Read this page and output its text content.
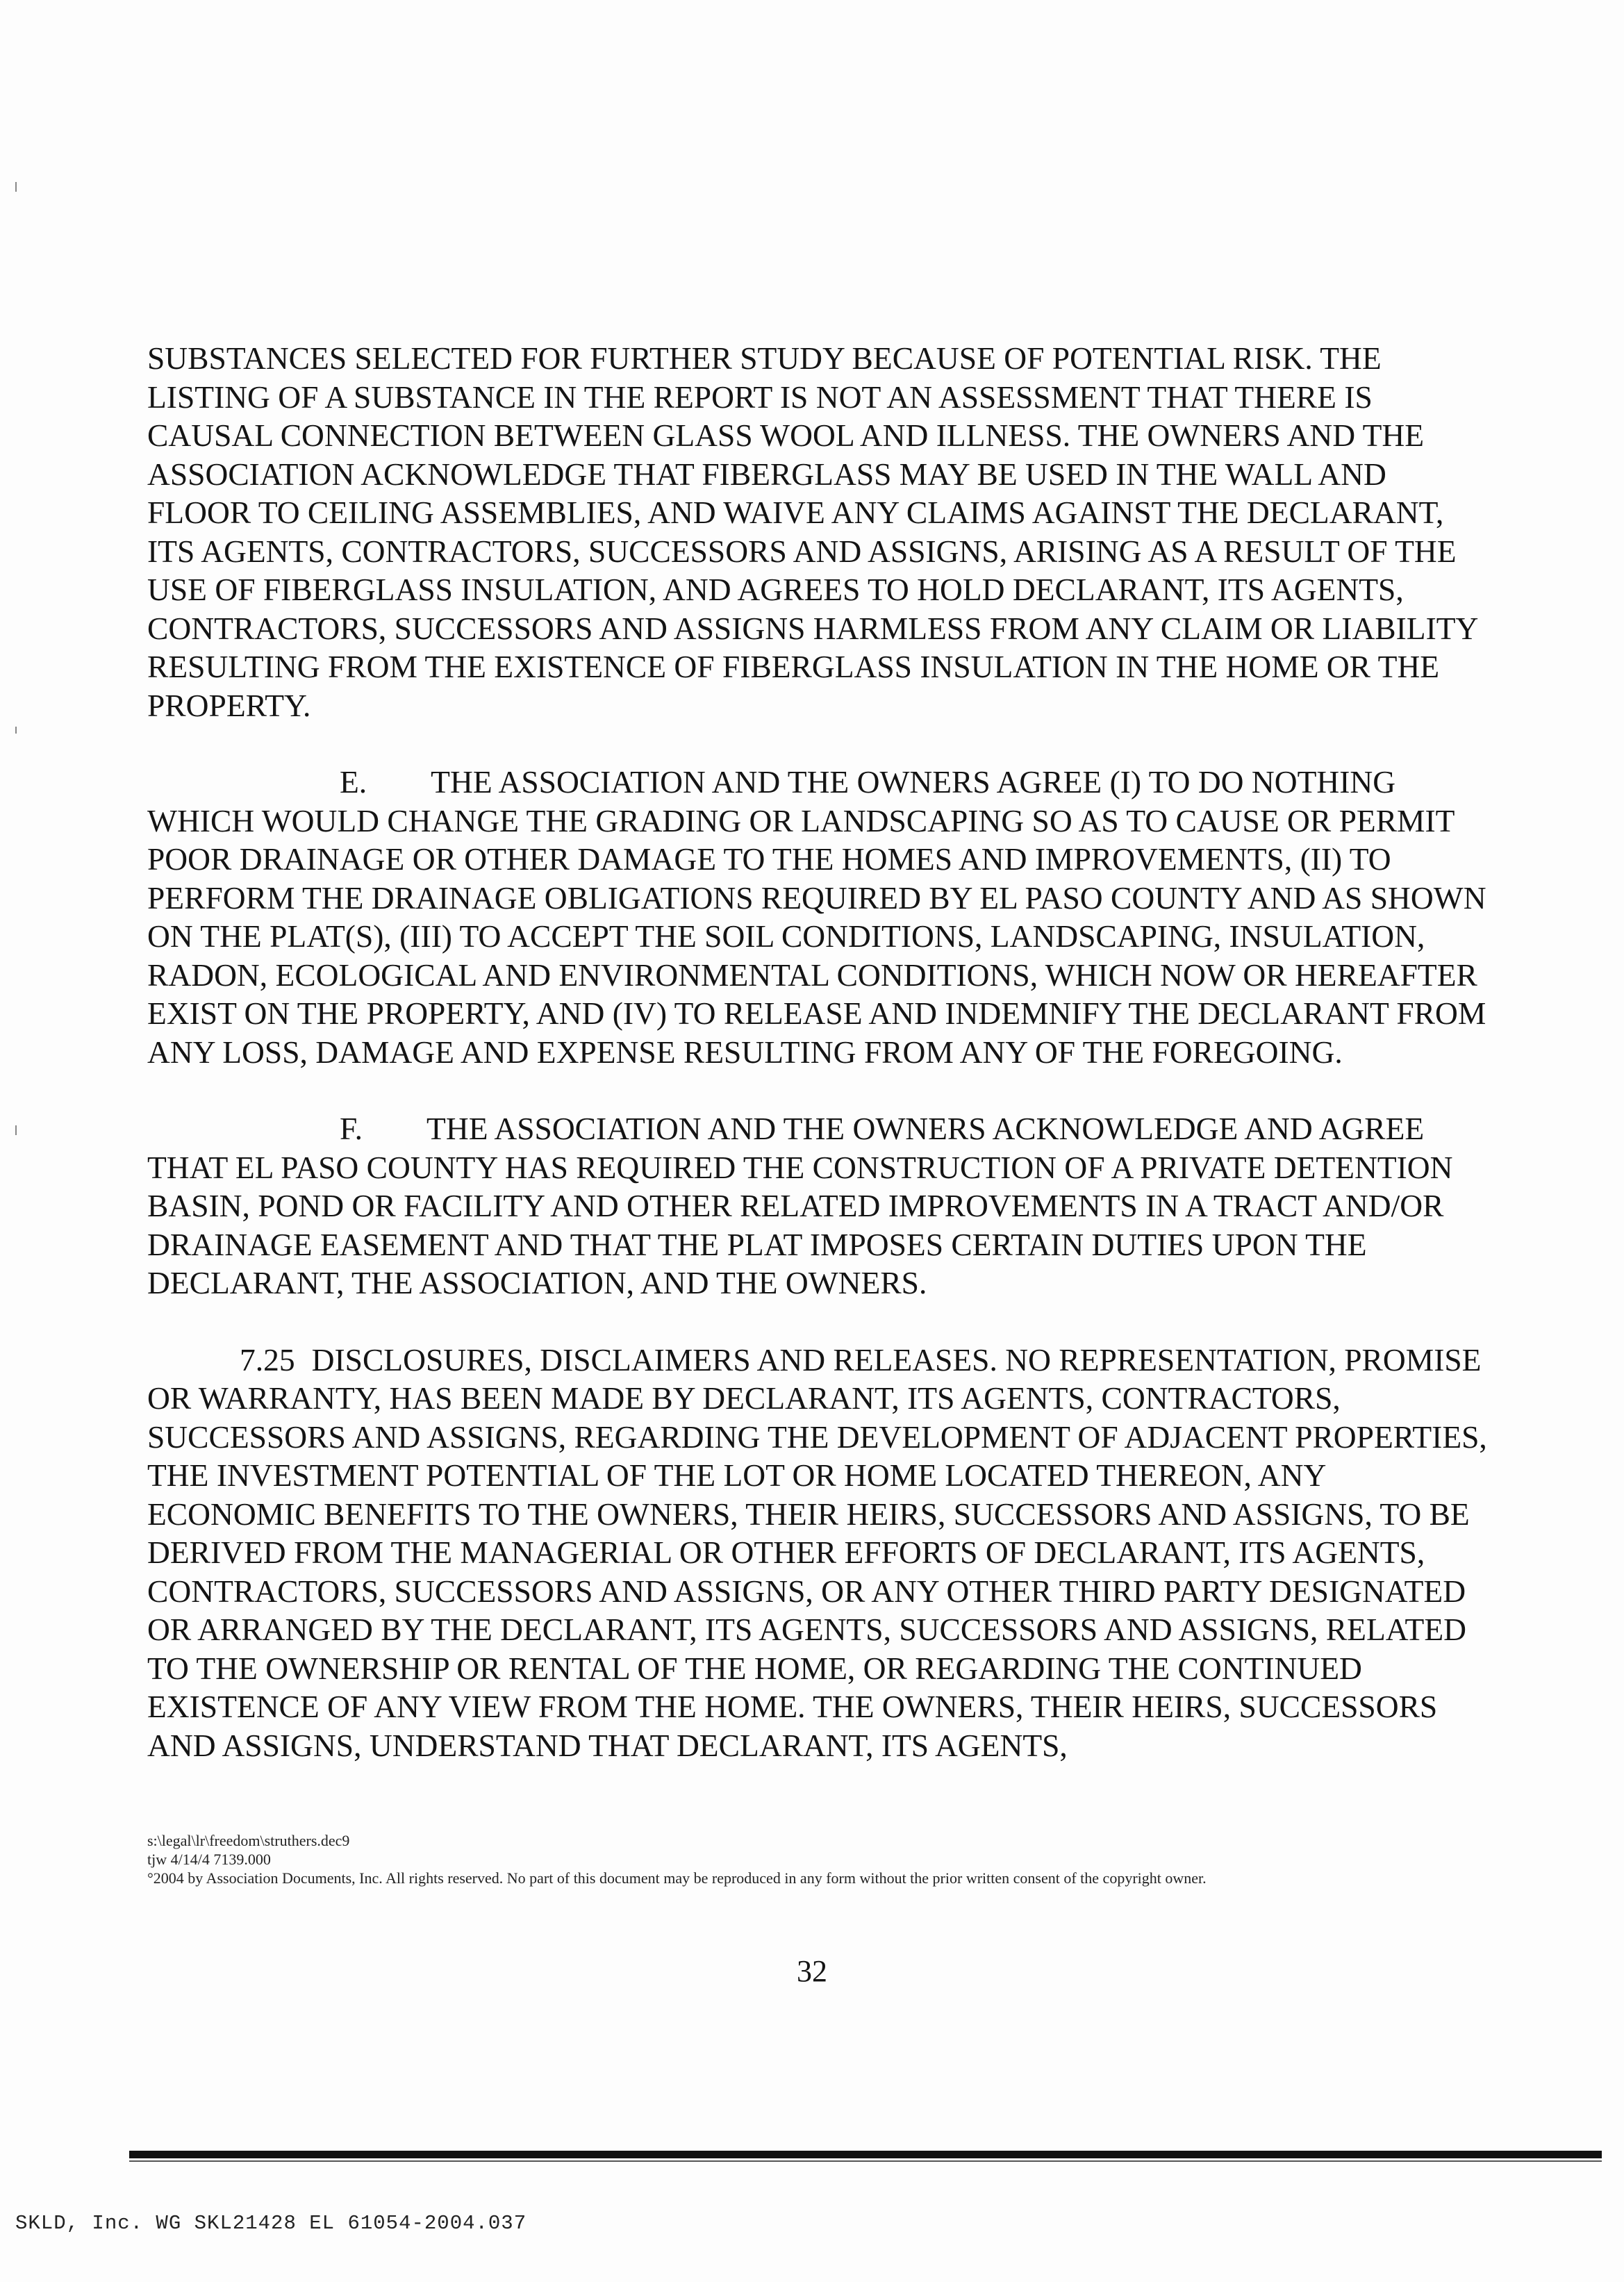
SUBSTANCES SELECTED FOR FURTHER STUDY BECAUSE OF POTENTIAL RISK. THE LISTING OF A SUBSTANCE IN THE REPORT IS NOT AN ASSESSMENT THAT THERE IS CAUSAL CONNECTION BETWEEN GLASS WOOL AND ILLNESS. THE OWNERS AND THE ASSOCIATION ACKNOWLEDGE THAT FIBERGLASS MAY BE USED IN THE WALL AND FLOOR TO CEILING ASSEMBLIES, AND WAIVE ANY CLAIMS AGAINST THE DECLARANT, ITS AGENTS, CONTRACTORS, SUCCESSORS AND ASSIGNS, ARISING AS A RESULT OF THE USE OF FIBERGLASS INSULATION, AND AGREES TO HOLD DECLARANT, ITS AGENTS, CONTRACTORS, SUCCESSORS AND ASSIGNS HARMLESS FROM ANY CLAIM OR LIABILITY RESULTING FROM THE EXISTENCE OF FIBERGLASS INSULATION IN THE HOME OR THE PROPERTY.

E. THE ASSOCIATION AND THE OWNERS AGREE (I) TO DO NOTHING WHICH WOULD CHANGE THE GRADING OR LANDSCAPING SO AS TO CAUSE OR PERMIT POOR DRAINAGE OR OTHER DAMAGE TO THE HOMES AND IMPROVEMENTS, (II) TO PERFORM THE DRAINAGE OBLIGATIONS REQUIRED BY EL PASO COUNTY AND AS SHOWN ON THE PLAT(S), (III) TO ACCEPT THE SOIL CONDITIONS, LANDSCAPING, INSULATION, RADON, ECOLOGICAL AND ENVIRONMENTAL CONDITIONS, WHICH NOW OR HEREAFTER EXIST ON THE PROPERTY, AND (IV) TO RELEASE AND INDEMNIFY THE DECLARANT FROM ANY LOSS, DAMAGE AND EXPENSE RESULTING FROM ANY OF THE FOREGOING.

F. THE ASSOCIATION AND THE OWNERS ACKNOWLEDGE AND AGREE THAT EL PASO COUNTY HAS REQUIRED THE CONSTRUCTION OF A PRIVATE DETENTION BASIN, POND OR FACILITY AND OTHER RELATED IMPROVEMENTS IN A TRACT AND/OR DRAINAGE EASEMENT AND THAT THE PLAT IMPOSES CERTAIN DUTIES UPON THE DECLARANT, THE ASSOCIATION, AND THE OWNERS.

7.25 DISCLOSURES, DISCLAIMERS AND RELEASES. NO REPRESENTATION, PROMISE OR WARRANTY, HAS BEEN MADE BY DECLARANT, ITS AGENTS, CONTRACTORS, SUCCESSORS AND ASSIGNS, REGARDING THE DEVELOPMENT OF ADJACENT PROPERTIES, THE INVESTMENT POTENTIAL OF THE LOT OR HOME LOCATED THEREON, ANY ECONOMIC BENEFITS TO THE OWNERS, THEIR HEIRS, SUCCESSORS AND ASSIGNS, TO BE DERIVED FROM THE MANAGERIAL OR OTHER EFFORTS OF DECLARANT, ITS AGENTS, CONTRACTORS, SUCCESSORS AND ASSIGNS, OR ANY OTHER THIRD PARTY DESIGNATED OR ARRANGED BY THE DECLARANT, ITS AGENTS, SUCCESSORS AND ASSIGNS, RELATED TO THE OWNERSHIP OR RENTAL OF THE HOME, OR REGARDING THE CONTINUED EXISTENCE OF ANY VIEW FROM THE HOME. THE OWNERS, THEIR HEIRS, SUCCESSORS AND ASSIGNS, UNDERSTAND THAT DECLARANT, ITS AGENTS,

s:\legal\lr\freedom\struthers.dec9
tjw 4/14/4 7139.000
°2004 by Association Documents, Inc. All rights reserved. No part of this document may be reproduced in any form without the prior written consent of the copyright owner.
32
SKLD, Inc. WG SKL21428 EL 61054-2004.037
